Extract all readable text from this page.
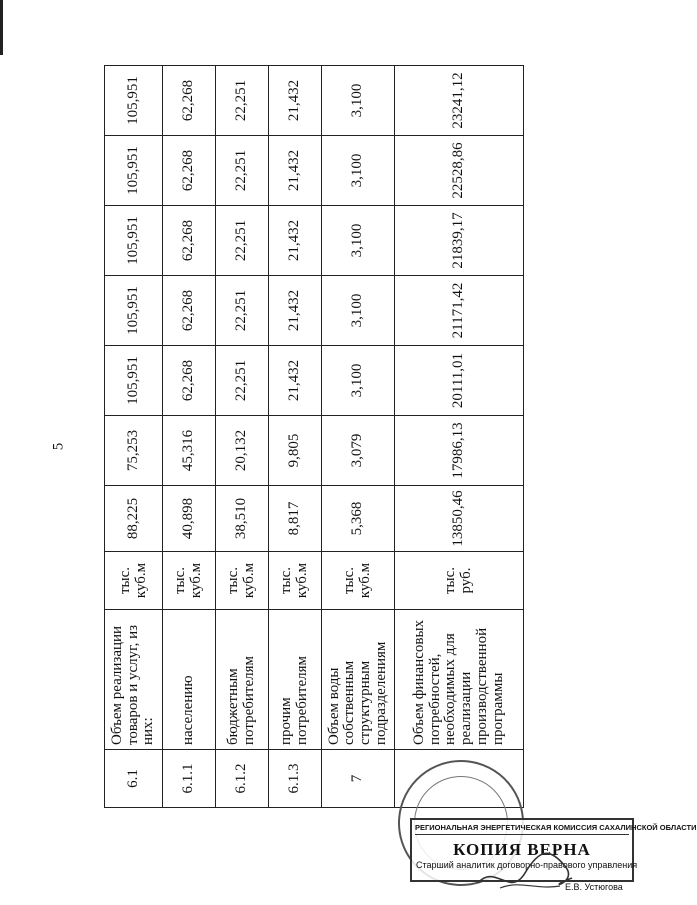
5
6.1	Объем реализации товаров и услуг, из них:	тыс. куб.м	88,225	75,253	105,951	105,951	105,951	105,951	105,951
6.1.1	населению	тыс. куб.м	40,898	45,316	62,268	62,268	62,268	62,268	62,268
6.1.2	бюджетным потребителям	тыс. куб.м	38,510	20,132	22,251	22,251	22,251	22,251	22,251
6.1.3	прочим потребителям	тыс. куб.м	8,817	9,805	21,432	21,432	21,432	21,432	21,432
7	Объем воды собственным структурным подразделениям	тыс. куб.м	5,368	3,079	3,100	3,100	3,100	3,100	3,100
	Объем финансовых потребностей, необходимых для реализации производственной программы	тыс. руб.	13850,46	17986,13	20111,01	21171,42	21839,17	22528,86	23241,12
РЕГИОНАЛЬНАЯ ЭНЕРГЕТИЧЕСКАЯ КОМИССИЯ САХАЛИНСКОЙ ОБЛАСТИ
КОПИЯ ВЕРНА
Старший аналитик договорно-правового управления
Е.В. Устюгова
